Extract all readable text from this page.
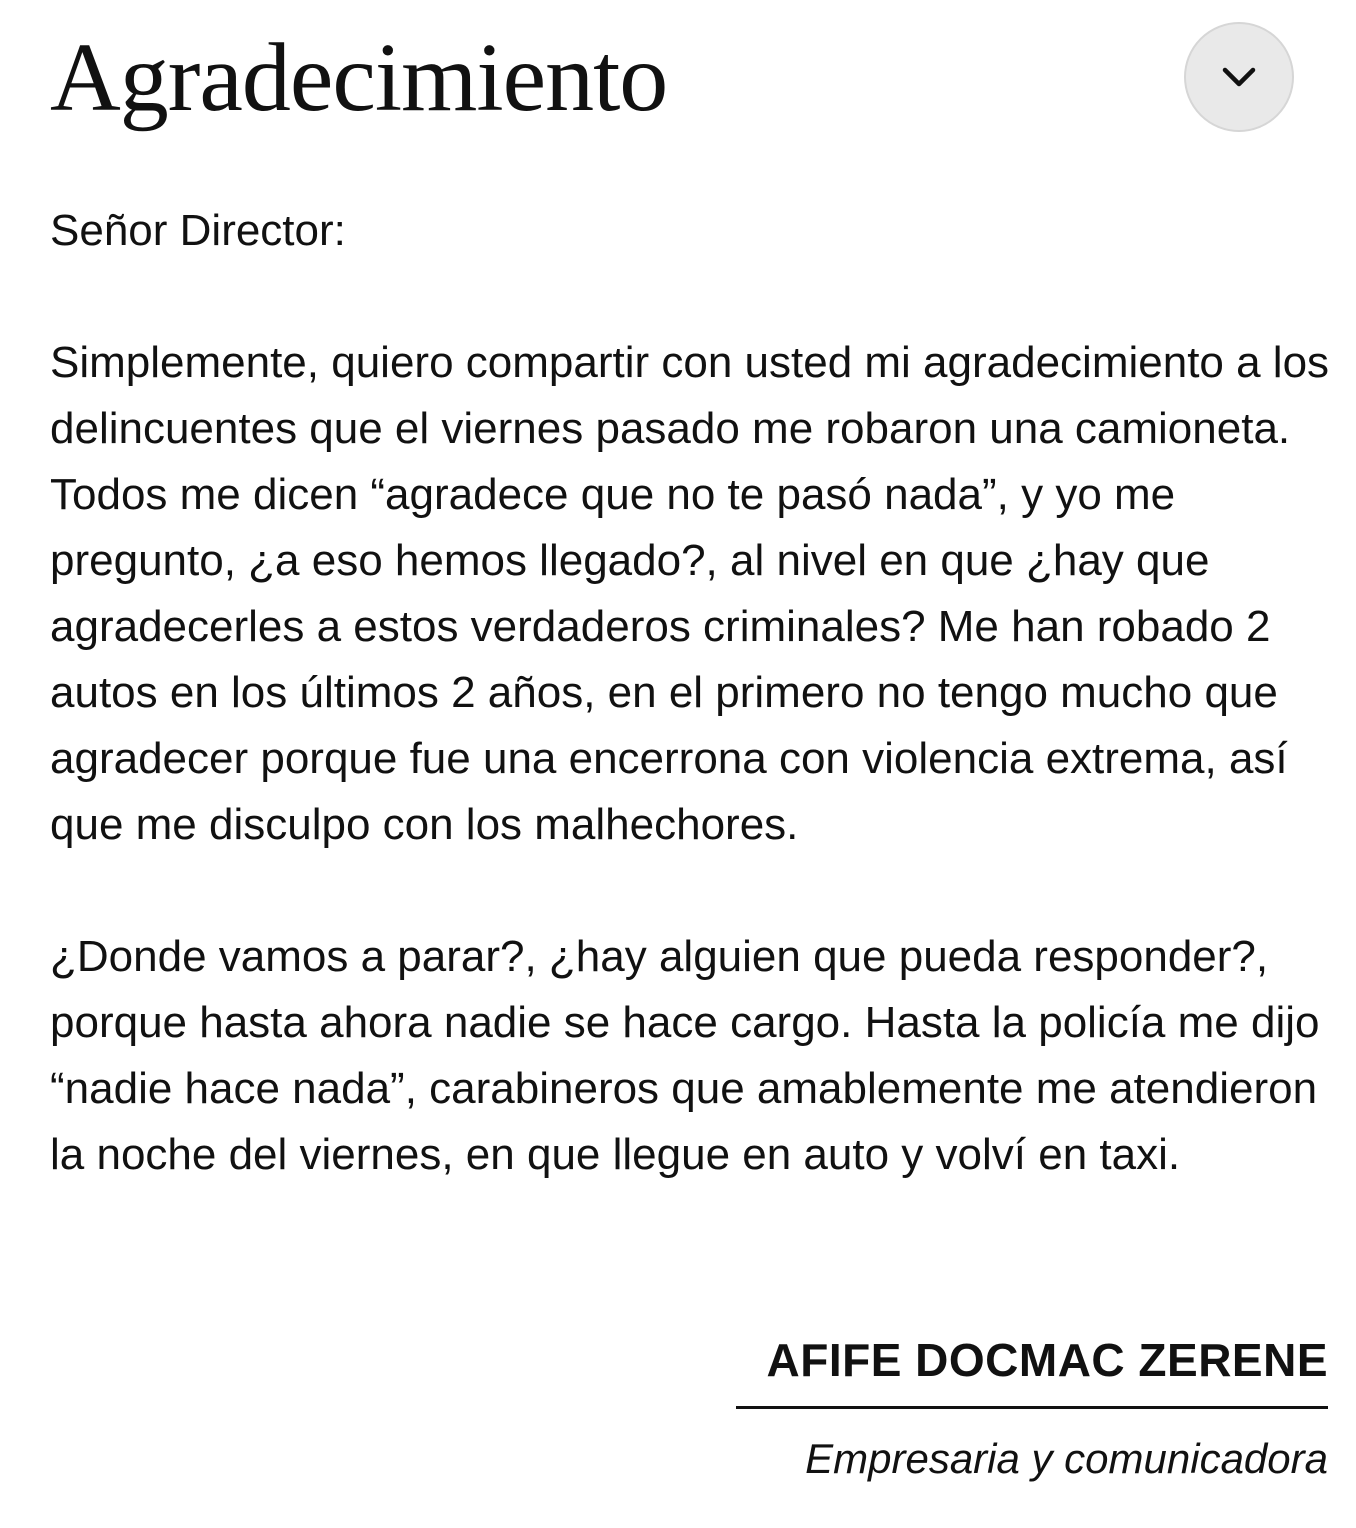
Agradecimiento
Señor Director:

Simplemente, quiero compartir con usted mi agradecimiento a los delincuentes que el viernes pasado me robaron una camioneta. Todos me dicen “agradece que no te pasó nada”, y yo me pregunto, ¿a eso hemos llegado?, al nivel en que ¿hay que agradecerles a estos verdaderos criminales? Me han robado 2 autos en los últimos 2 años, en el primero no tengo mucho que agradecer porque fue una encerrona con violencia extrema, así que me disculpo con los malhechores.

¿Donde vamos a parar?, ¿hay alguien que pueda responder?, porque hasta ahora nadie se hace cargo. Hasta la policía me dijo “nadie hace nada”, carabineros que amablemente me atendieron la noche del viernes, en que llegue en auto y volví en taxi.

AFIFE DOCMAC ZERENE
Empresaria y comunicadora
